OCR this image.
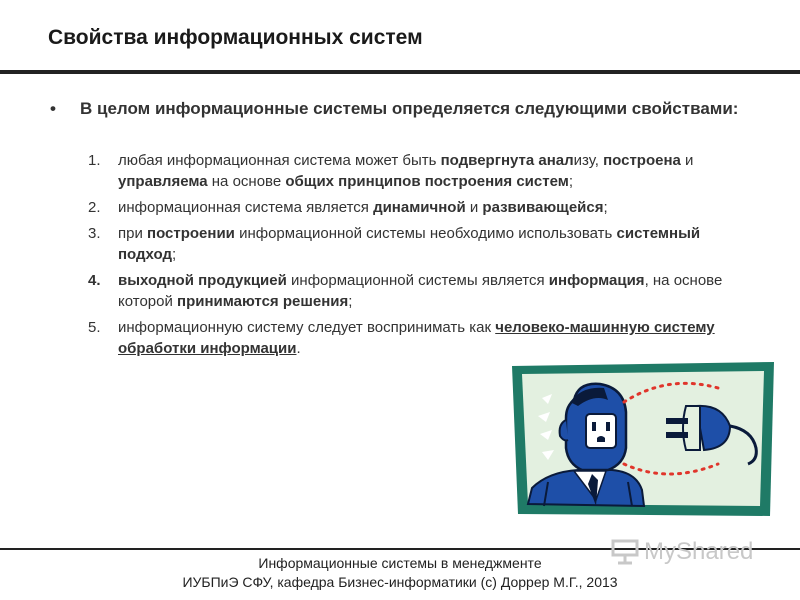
Свойства информационных систем
• В целом информационные системы определяется следующими свойствами:
1. любая информационная система может быть подвергнута анализу, построена и управляема на основе общих принципов построения систем;
2. информационная система является динамичной и развивающейся;
3. при построении информационной системы необходимо использовать системный подход;
4. выходной продукцией информационной системы является информация, на основе которой принимаются решения;
5. информационную систему следует воспринимать как человеко-машинную систему обработки информации.
Информационные системы в менеджменте
ИУБПиЭ СФУ, кафедра Бизнес-информатики (c) Доррер М.Г., 2013
MyShared
